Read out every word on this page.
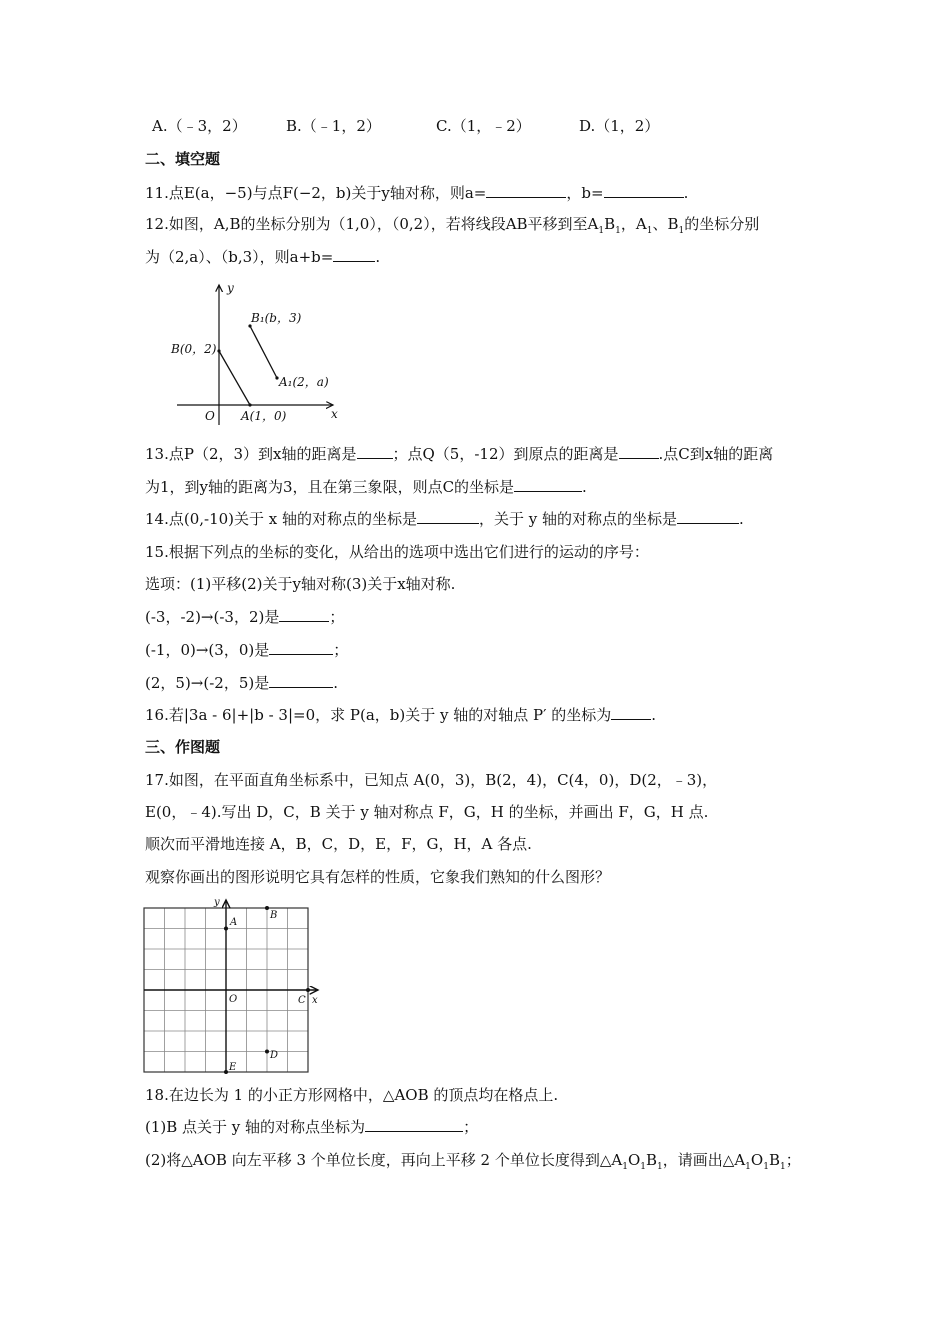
A.（﹣3，2）	B.（﹣1，2）	C.（1，﹣2）	D.（1，2）
二、填空题
11.点E(a，−5)与点F(−2，b)关于y轴对称，则a=	，b=	.
12.如图，A,B的坐标分别为（1,0），（0,2），若将线段AB平移到至$A_1B_1$，$A_1$、$B_1$的坐标分别
为（2,a）、（b,3），则a+b=	.
y
x
O
B(0，2)
A(1，0)
B₁(b，3)
A₁(2，a)
13.点P（2，3）到x轴的距离是 ；点Q（5，-12）到原点的距离是	.点C到x轴的距离
为1，到y轴的距离为3，且在第三象限，则点C的坐标是	.
14.点(0,-10)关于 x 轴的对称点的坐标是	，关于 y 轴的对称点的坐标是	.
15.根据下列点的坐标的变化，从给出的选项中选出它们进行的运动的序号：
选项：(1)平移(2)关于y轴对称(3)关于x轴对称.
(-3，-2)→(-3，2)是	；
(-1，0)→(3，0)是	；
(2，5)→(-2，5)是	.
16.若|3a - 6|+|b - 3|=0，求 P(a，b)关于 y 轴的对轴点 P′ 的坐标为	.
三、作图题
17.如图，在平面直角坐标系中，已知点 A(0，3)，B(2，4)，C(4，0)，D(2，﹣3)，
E(0，﹣4).写出 D，C，B 关于 y 轴对称点 F，G，H 的坐标，并画出 F，G，H 点.
顺次而平滑地连接 A，B，C，D，E，F，G，H，A 各点.
观察你画出的图形说明它具有怎样的性质，它象我们熟知的什么图形？
y
x
O
A
B
C
D
E
18.在边长为 1 的小正方形网格中，△AOB 的顶点均在格点上.
(1)B 点关于 y 轴的对称点坐标为	；
(2)将△AOB 向左平移 3 个单位长度，再向上平移 2 个单位长度得到$\triangle A_1O_1B_1$，请画出$\triangle A_1O_1B_1$；
